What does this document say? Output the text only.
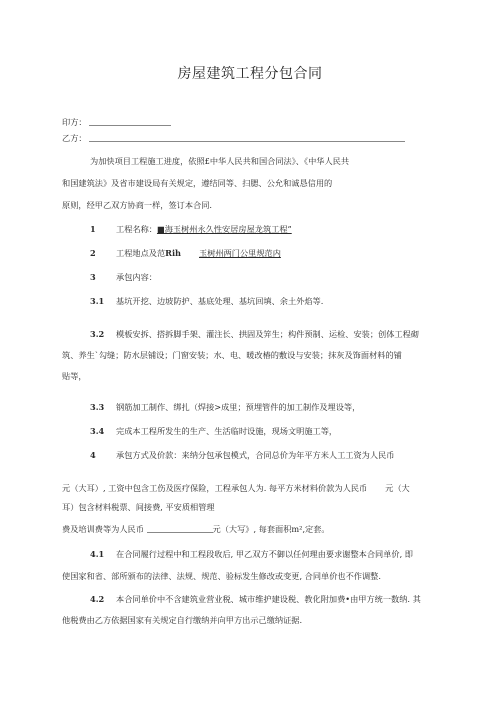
房屋建筑工程分包合同
印方：
乙方：
为加快项目工程施工进度，依照£中华人民共和国合同法》、《中华人民共
和国建筑法》及省市建设局有关规定，遵结同等、扫腮、公允和诚恳信用的
原则，经甲乙双方协商一样，签订本合同.
1 工程名称：■海玉树州永久性安居房屋龙筑工程”
2 工程地点及范Rih 玉树州两门公里规范内
3 承包内容：
3.1 基坑开挖、边坡防护、基底处理、基坑回填、余土外焰等.
3.2 模板安拆、搭拆脚手架、灌注长、拱固及笄生；构件预制、运检、安装；创体工程砌
筑、养生`勾缝；防水层铺设；门窗安装；水、电、暖改椿的敷设与安装；抹灰及饰面材料的铺
贴等，
3.3 钢筋加工制作、绑扎（焊接>成里；预埋管件的加工制作及埋设等，
3.4 完成本工程所发生的生产、生活临时设施，现场文明施工等，
4 承包方式及价款：来纳分包承包模式，合同总价为年平方米人工工资为人民币
元（大耳）, 工资中包含工伤及医疗保险，工程承包人为. 每平方米材料价款为人民币 元（大
耳）包含材料税票、间接费, 平安质相管理
费及培训费等为人民币	元（大写》, 每套面积m²,定套。
4.1 在合同履行过程中和工程段收后, 甲乙双方不御以任何理由要求谢整本合同单价, 即
使国家和省、部所颁布的法律、法规、规范、验标发生修改或变更, 合同单价也不作调整.
4.2 本合同单价中不含建筑业营业税、城市维护建设税、教化附加费•由甲方统一数纳. 其
他税费由乙方依据国家有关规定自行缴纳并向甲方出示己缴纳证据.
